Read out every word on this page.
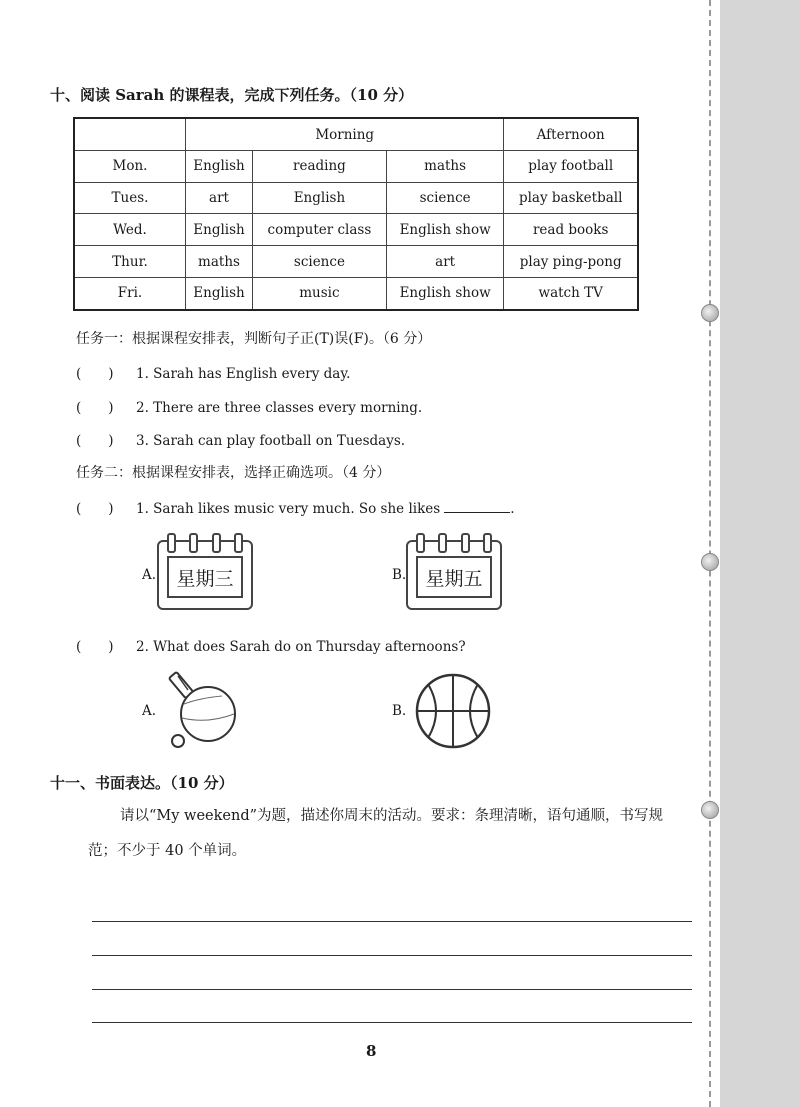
十、阅读 Sarah 的课程表，完成下列任务。（10 分）
	Morning			Afternoon
Mon.	English	reading	maths	play football
Tues.	art	English	science	play basketball
Wed.	English	computer class	English show	read books
Thur.	maths	science	art	play ping-pong
Fri.	English	music	English show	watch TV
任务一：根据课程安排表，判断句子正(T)误(F)。（6 分）
(　　) 1. Sarah has English every day.
(　　) 2. There are three classes every morning.
(　　) 3. Sarah can play football on Tuesdays.
任务二：根据课程安排表，选择正确选项。（4 分）
(　　) 1. Sarah likes music very much. So she likes	.
A.	星期三	B.	星期五
(　　) 2. What does Sarah do on Thursday afternoons?
A.	B.
十一、书面表达。（10 分）
请以“My weekend”为题，描述你周末的活动。要求：条理清晰，语句通顺，书写规
范；不少于 40 个单词。
8
